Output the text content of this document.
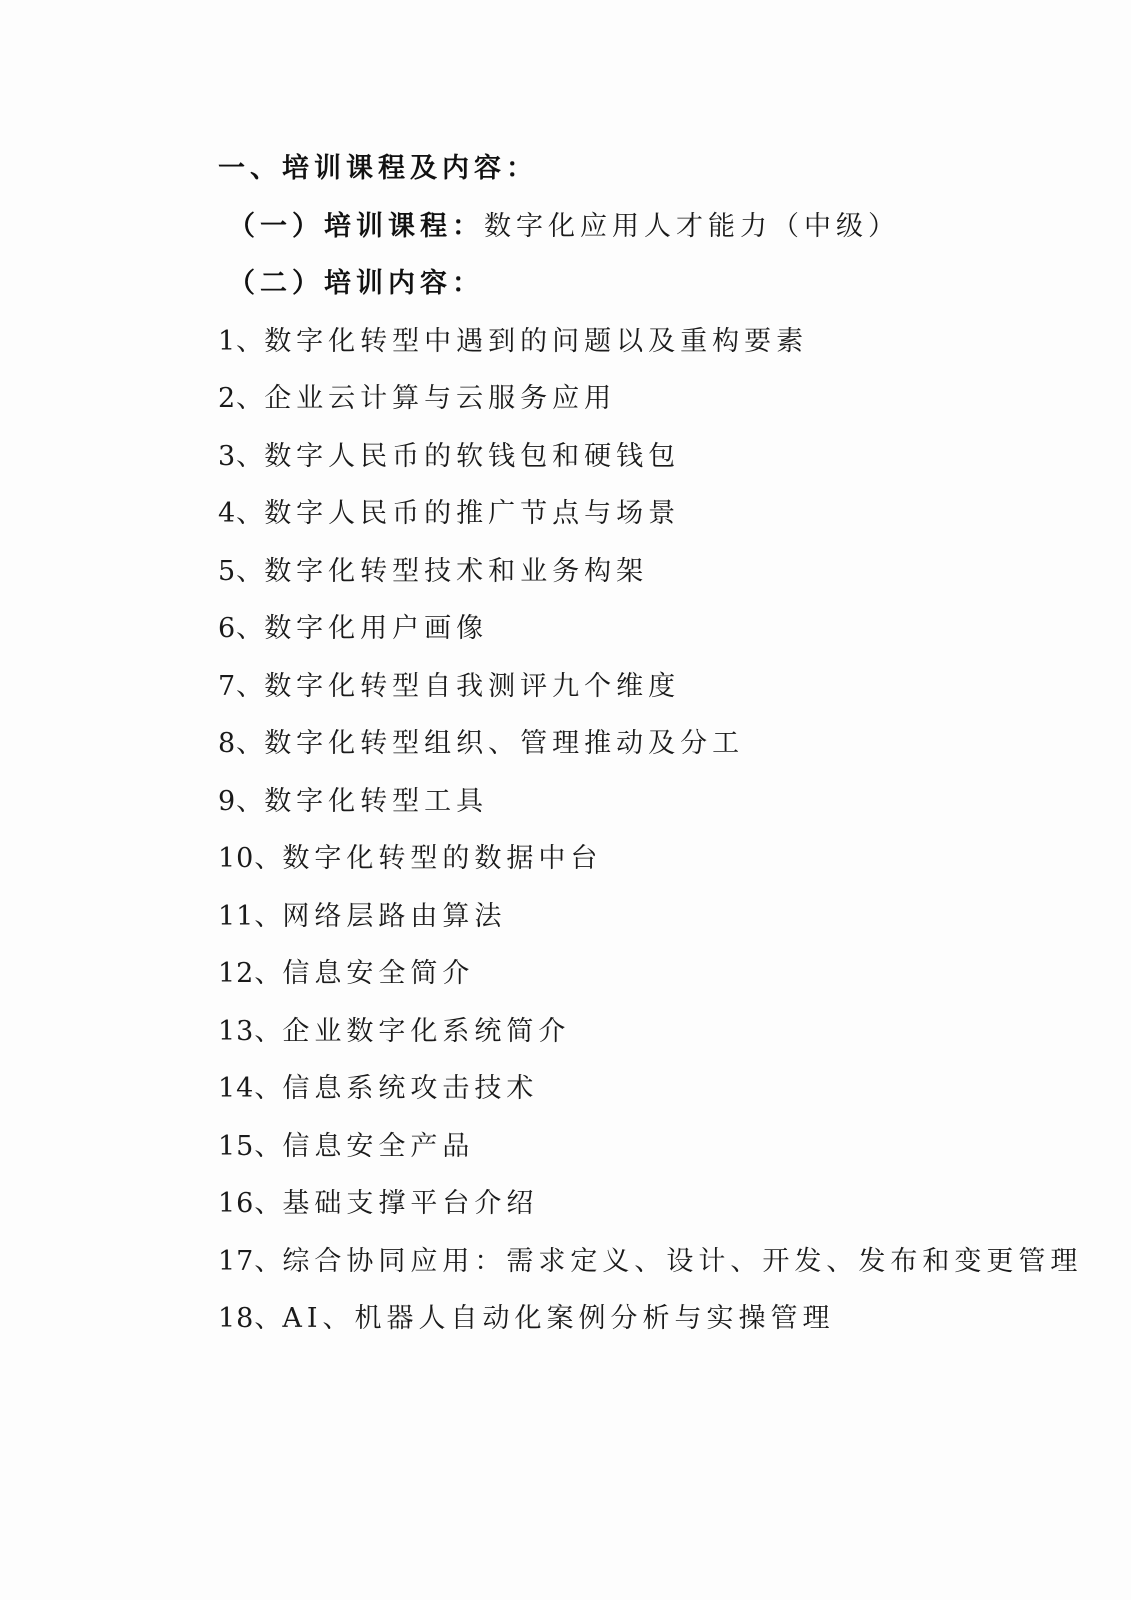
一、培训课程及内容：
（一）培训课程：数字化应用人才能力（中级）
（二）培训内容：
1、数字化转型中遇到的问题以及重构要素
2、企业云计算与云服务应用
3、数字人民币的软钱包和硬钱包
4、数字人民币的推广节点与场景
5、数字化转型技术和业务构架
6、数字化用户画像
7、数字化转型自我测评九个维度
8、数字化转型组织、管理推动及分工
9、数字化转型工具
10、数字化转型的数据中台
11、网络层路由算法
12、信息安全简介
13、企业数字化系统简介
14、信息系统攻击技术
15、信息安全产品
16、基础支撑平台介绍
17、综合协同应用：需求定义、设计、开发、发布和变更管理
18、AI、机器人自动化案例分析与实操管理
